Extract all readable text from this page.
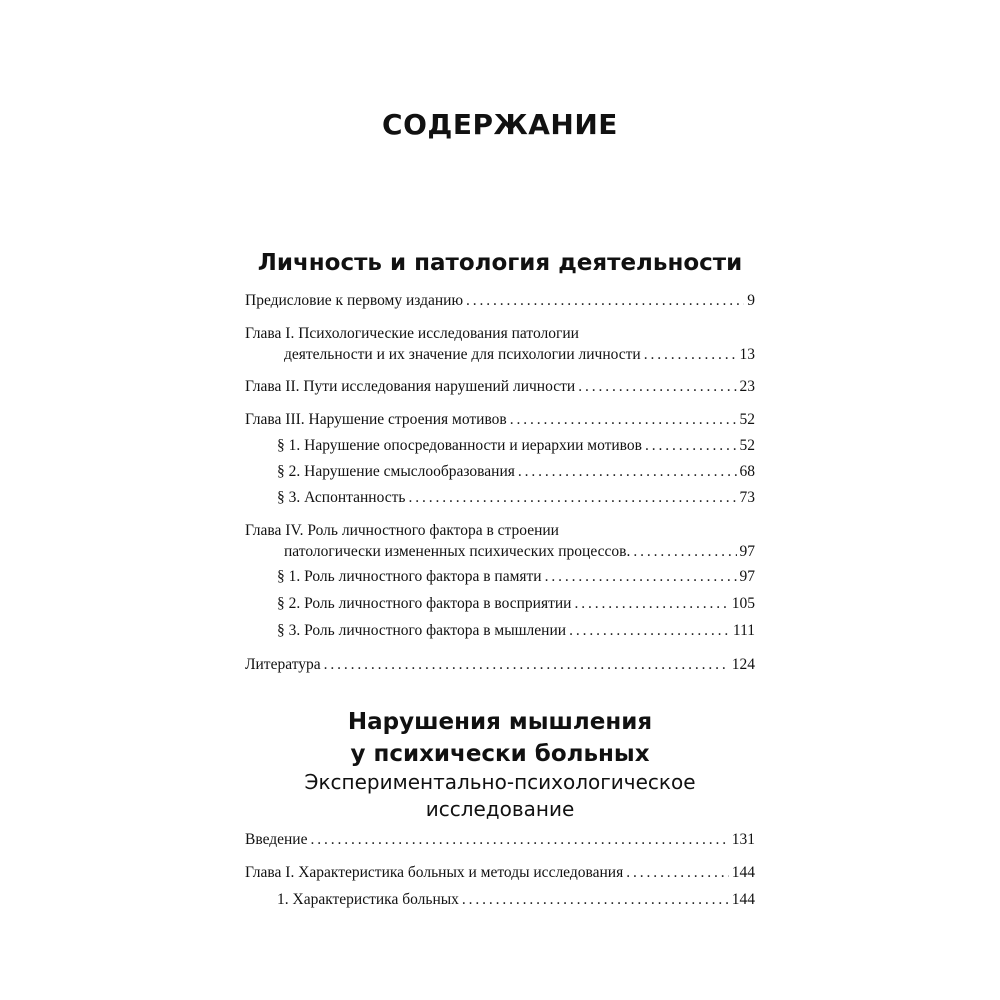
СОДЕРЖАНИЕ
Личность и патология деятельности
Предисловие к первому изданию . . .	9
Глава I. Психологические исследования патологии
деятельности и их значение для психологии личности . . .	13
Глава II. Пути исследования нарушений личности . . .	23
Глава III. Нарушение строения мотивов . . .	52
§ 1. Нарушение опосредованности и иерархии мотивов . . .	52
§ 2. Нарушение смыслообразования . . .	68
§ 3. Аспонтанность . . .	73
Глава IV. Роль личностного фактора в строении
патологически измененных психических процессов. . . .	97
§ 1. Роль личностного фактора в памяти . . .	97
§ 2. Роль личностного фактора в восприятии . . .	105
§ 3. Роль личностного фактора в мышлении . . .	111
Литература . . .	124
Нарушения мышления
у психически больных
Экспериментально-психологическое
исследование
Введение . . .	131
Глава I. Характеристика больных и методы исследования . . .	144
1. Характеристика больных . . .	144
